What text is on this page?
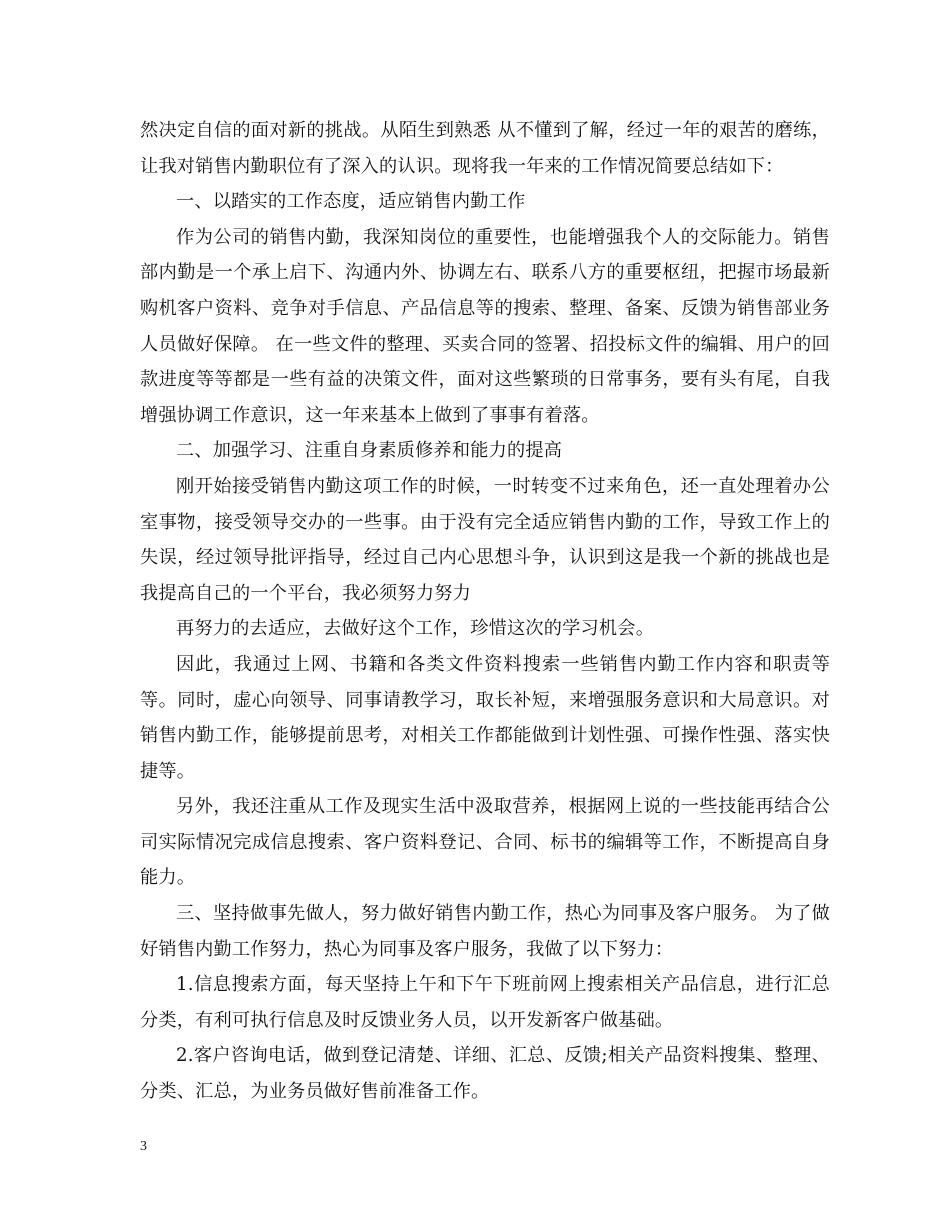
然决定自信的面对新的挑战。从陌生到熟悉 从不懂到了解，经过一年的艰苦的磨练，让我对销售内勤职位有了深入的认识。现将我一年来的工作情况简要总结如下：

一、以踏实的工作态度，适应销售内勤工作

作为公司的销售内勤，我深知岗位的重要性，也能增强我个人的交际能力。销售部内勤是一个承上启下、沟通内外、协调左右、联系八方的重要枢纽，把握市场最新购机客户资料、竞争对手信息、产品信息等的搜索、整理、备案、反馈为销售部业务人员做好保障。 在一些文件的整理、买卖合同的签署、招投标文件的编辑、用户的回款进度等等都是一些有益的决策文件，面对这些繁琐的日常事务，要有头有尾，自我增强协调工作意识，这一年来基本上做到了事事有着落。

二、加强学习、注重自身素质修养和能力的提高

刚开始接受销售内勤这项工作的时候，一时转变不过来角色，还一直处理着办公室事物，接受领导交办的一些事。由于没有完全适应销售内勤的工作，导致工作上的失误，经过领导批评指导，经过自己内心思想斗争，认识到这是我一个新的挑战也是我提高自己的一个平台，我必须努力努力

再努力的去适应，去做好这个工作，珍惜这次的学习机会。

因此，我通过上网、书籍和各类文件资料搜索一些销售内勤工作内容和职责等等。同时，虚心向领导、同事请教学习，取长补短，来增强服务意识和大局意识。对销售内勤工作，能够提前思考，对相关工作都能做到计划性强、可操作性强、落实快捷等。

另外，我还注重从工作及现实生活中汲取营养，根据网上说的一些技能再结合公司实际情况完成信息搜索、客户资料登记、合同、标书的编辑等工作，不断提高自身能力。

三、坚持做事先做人，努力做好销售内勤工作，热心为同事及客户服务。 为了做好销售内勤工作努力，热心为同事及客户服务，我做了以下努力：

1.信息搜索方面，每天坚持上午和下午下班前网上搜索相关产品信息，进行汇总分类，有利可执行信息及时反馈业务人员，以开发新客户做基础。

2.客户咨询电话，做到登记清楚、详细、汇总、反馈;相关产品资料搜集、整理、分类、汇总，为业务员做好售前准备工作。

3
